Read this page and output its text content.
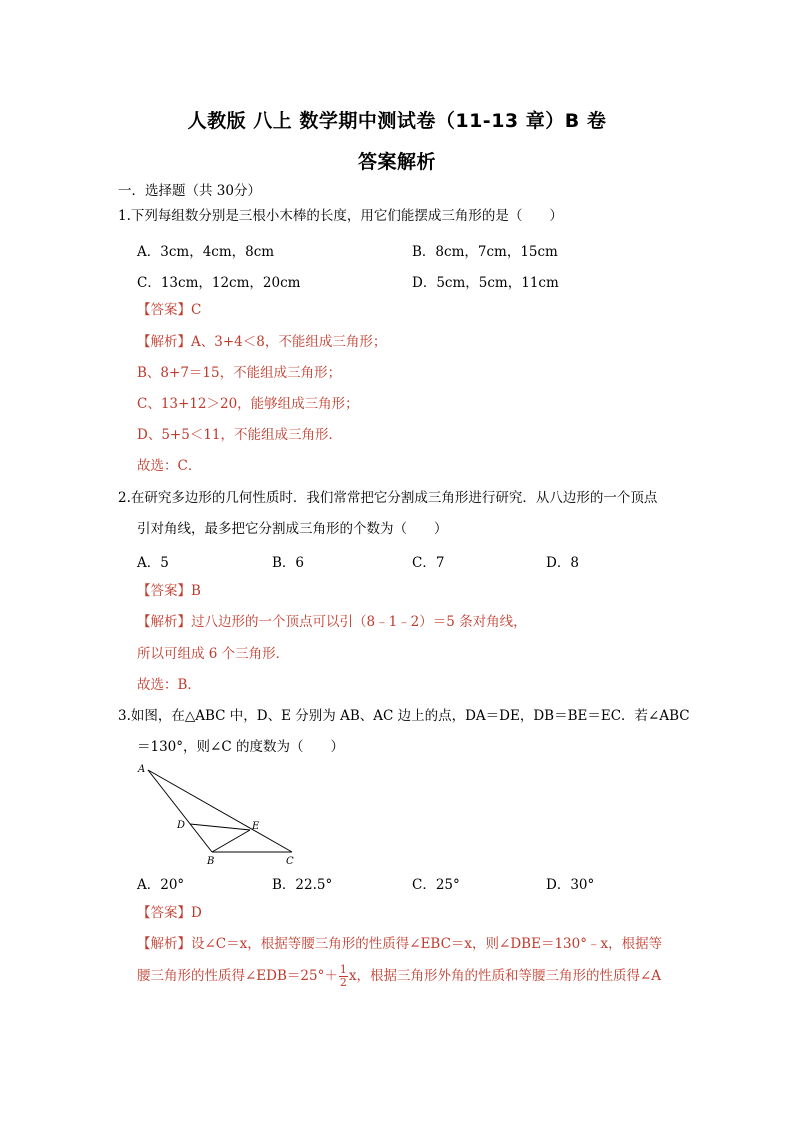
人教版 八上 数学期中测试卷（11-13 章）B 卷
答案解析
一．选择题（共 30分）
1.下列每组数分别是三根小木棒的长度，用它们能摆成三角形的是（　　）
A．3cm，4cm，8cm	B．8cm，7cm，15cm
C．13cm，12cm，20cm	D．5cm，5cm，11cm
【答案】C
【解析】A、3+4＜8，不能组成三角形；
B、8+7＝15，不能组成三角形；
C、13+12＞20，能够组成三角形；
D、5+5＜11，不能组成三角形．
故选：C．
2.在研究多边形的几何性质时．我们常常把它分割成三角形进行研究．从八边形的一个顶点
引对角线，最多把它分割成三角形的个数为（　　）
A．5	B．6	C．7	D．8
【答案】B
【解析】过八边形的一个顶点可以引（8﹣1﹣2）＝5 条对角线，
所以可组成 6 个三角形．
故选：B．
3.如图，在△ABC 中，D、E 分别为 AB、AC 边上的点，DA＝DE，DB＝BE＝EC．若∠ABC
＝130°，则∠C 的度数为（　　）
A
D	E
B	C
A．20°	B．22.5°	C．25°	D．30°
【答案】D
【解析】设∠C＝x，根据等腰三角形的性质得∠EBC＝x，则∠DBE＝130°﹣x，根据等
腰三角形的性质得∠EDB＝25°＋ $\frac{1}{2}$ x，根据三角形外角的性质和等腰三角形的性质得∠A
